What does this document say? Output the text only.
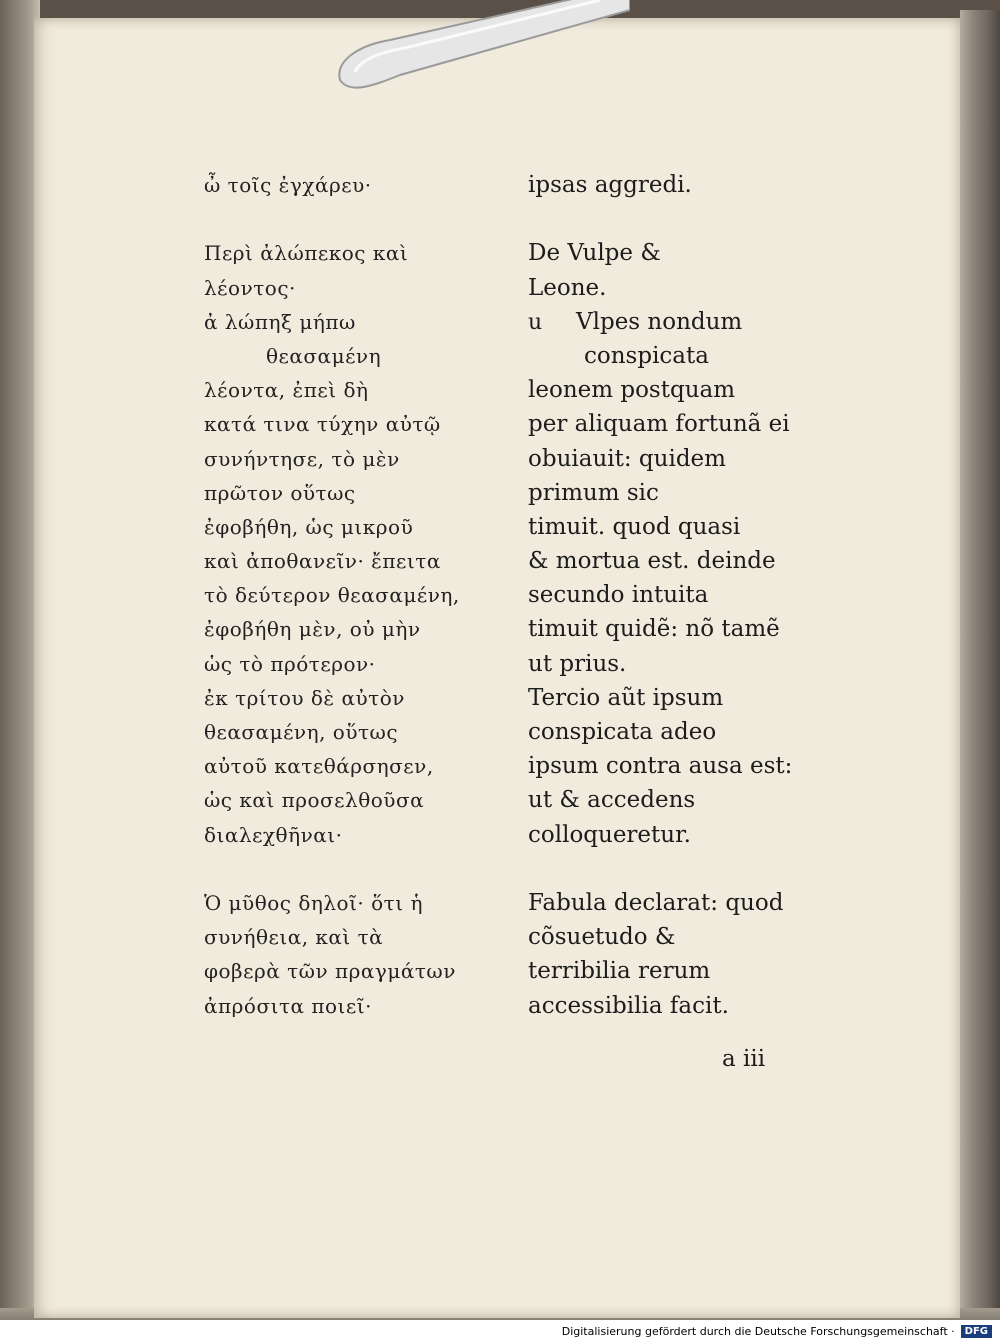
ὦ τοῖς ἐγχάρευ·
Περὶ ἀλώπεκος καὶ
λέοντος·
ἀ λώπηξ μήπω
θεασαμένη
λέοντα, ἐπεὶ δὴ
κατά τινα τύχην αὐτῷ
συνήντησε, τὸ μὲν
πρῶτον οὕτως
ἐφοβήθη, ὡς μικροῦ
καὶ ἀποθανεῖν· ἔπειτα
τὸ δεύτερον θεασαμένη,
ἐφοβήθη μὲν, οὐ μὴν
ὡς τὸ πρότερον·
ἐκ τρίτου δὲ αὐτὸν
θεασαμένη, οὕτως
αὐτοῦ κατεθάρσησεν,
ὡς καὶ προσελθοῦσα
διαλεχθῆναι·
Ὁ μῦθος δηλοῖ· ὅτι ἡ
συνήθεια, καὶ τὰ
φοβερὰ τῶν πραγμάτων
ἀπρόσιτα ποιεῖ·
ipsas aggredi.
De Vulpe &
Leone.
u Vlpes nondum
conspicata
leonem postquam
per aliquam fortunã ei
obuiauit: quidem
primum sic
timuit. quod quasi
& mortua est. deinde
secundo intuita
timuit quidẽ: nõ tamẽ
ut prius.
Tercio aũt ipsum
conspicata adeo
ipsum contra ausa est:
ut & accedens
colloqueretur.
Fabula declarat: quod
cõsuetudo &
terribilia rerum
accessibilia facit.
a iii
Digitalisierung gefördert durch die Deutsche Forschungsgemeinschaft ·	DFG
